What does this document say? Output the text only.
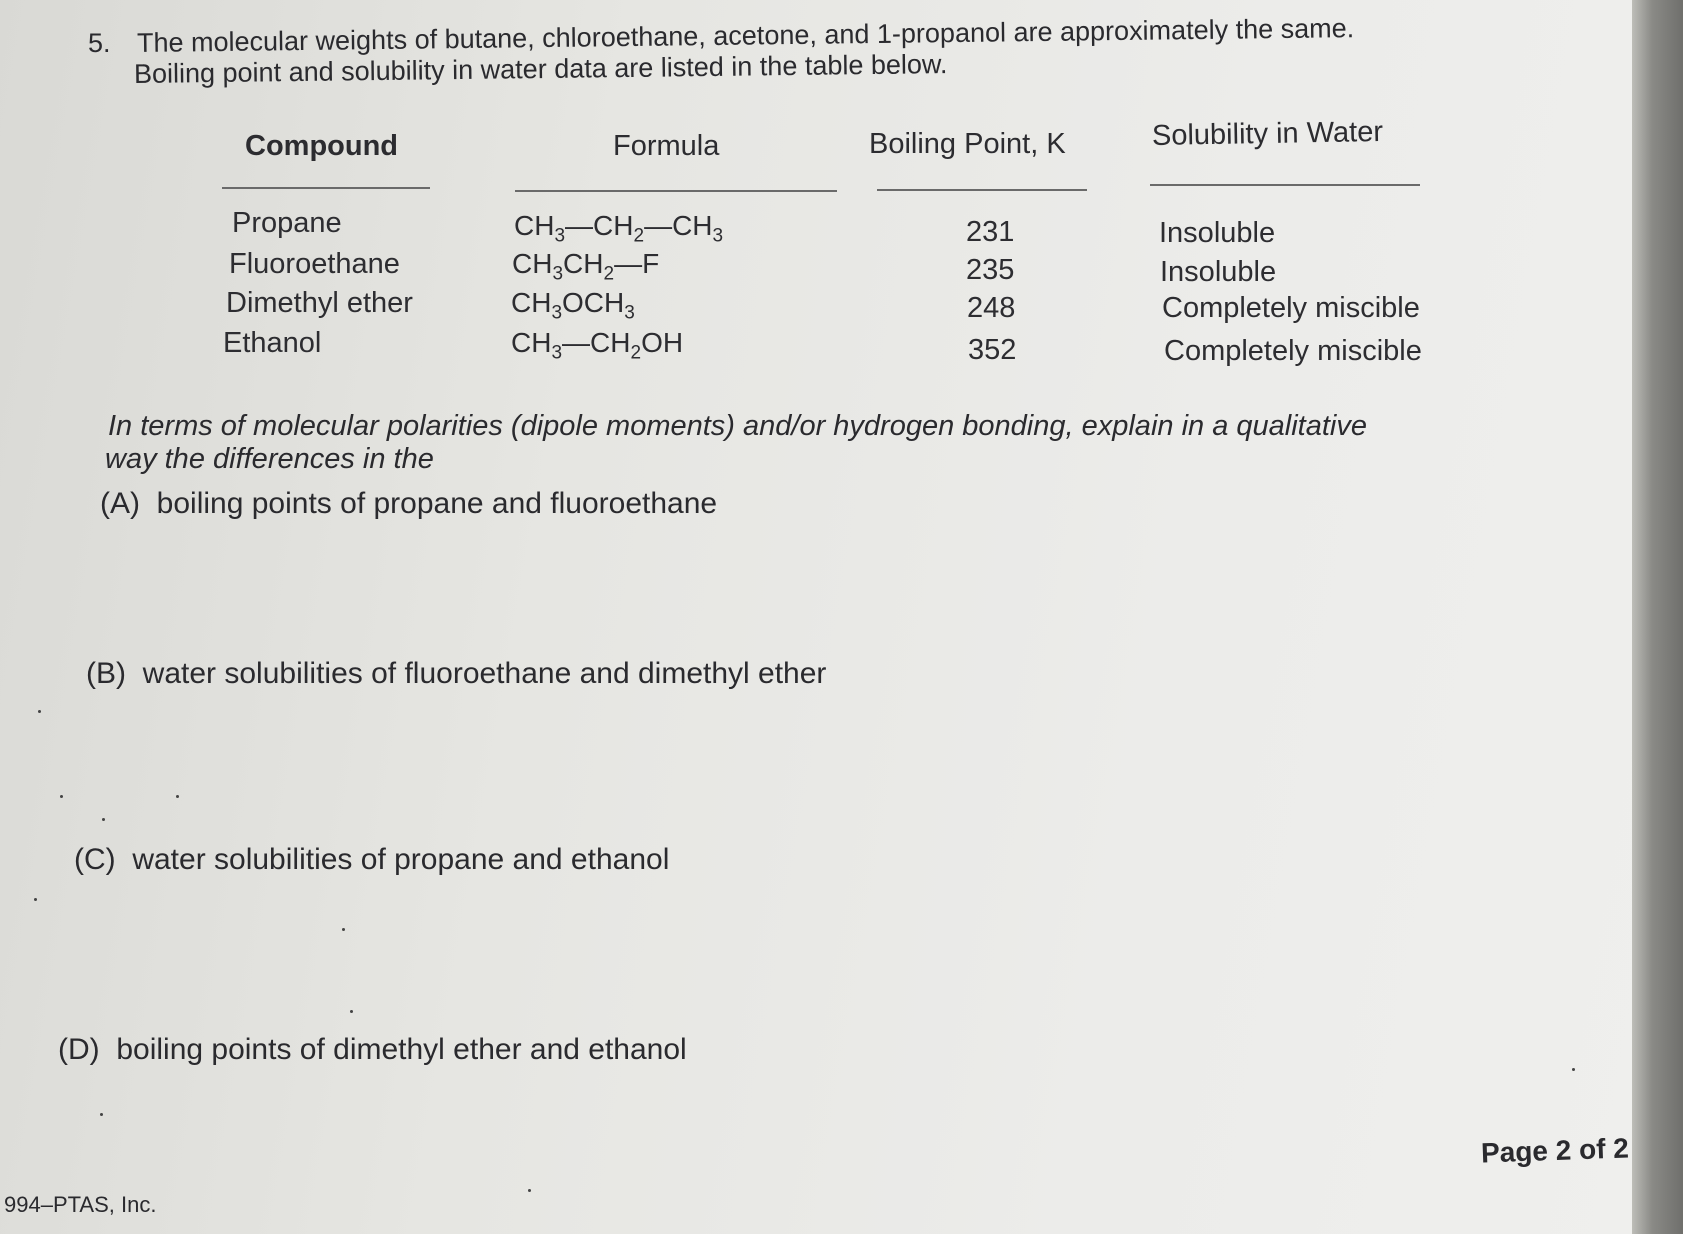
5. The molecular weights of butane, chloroethane, acetone, and 1-propanol are approximately the same.
Boiling point and solubility in water data are listed in the table below.
Compound	Formula	Boiling Point, K	Solubility in Water
Propane	$CH_3—CH_2—CH_3$	231	Insoluble
Fluoroethane	$CH_3CH_2—F$	235	Insoluble
Dimethyl ether	$CH_3OCH_3$	248	Completely miscible
Ethanol	$CH_3—CH_2OH$	352	Completely miscible
In terms of molecular polarities (dipole moments) and/or hydrogen bonding, explain in a qualitative
way the differences in the
(A) boiling points of propane and fluoroethane
(B) water solubilities of fluoroethane and dimethyl ether
(C) water solubilities of propane and ethanol
(D) boiling points of dimethyl ether and ethanol
994–PTAS, Inc.
Page 2 of 2
